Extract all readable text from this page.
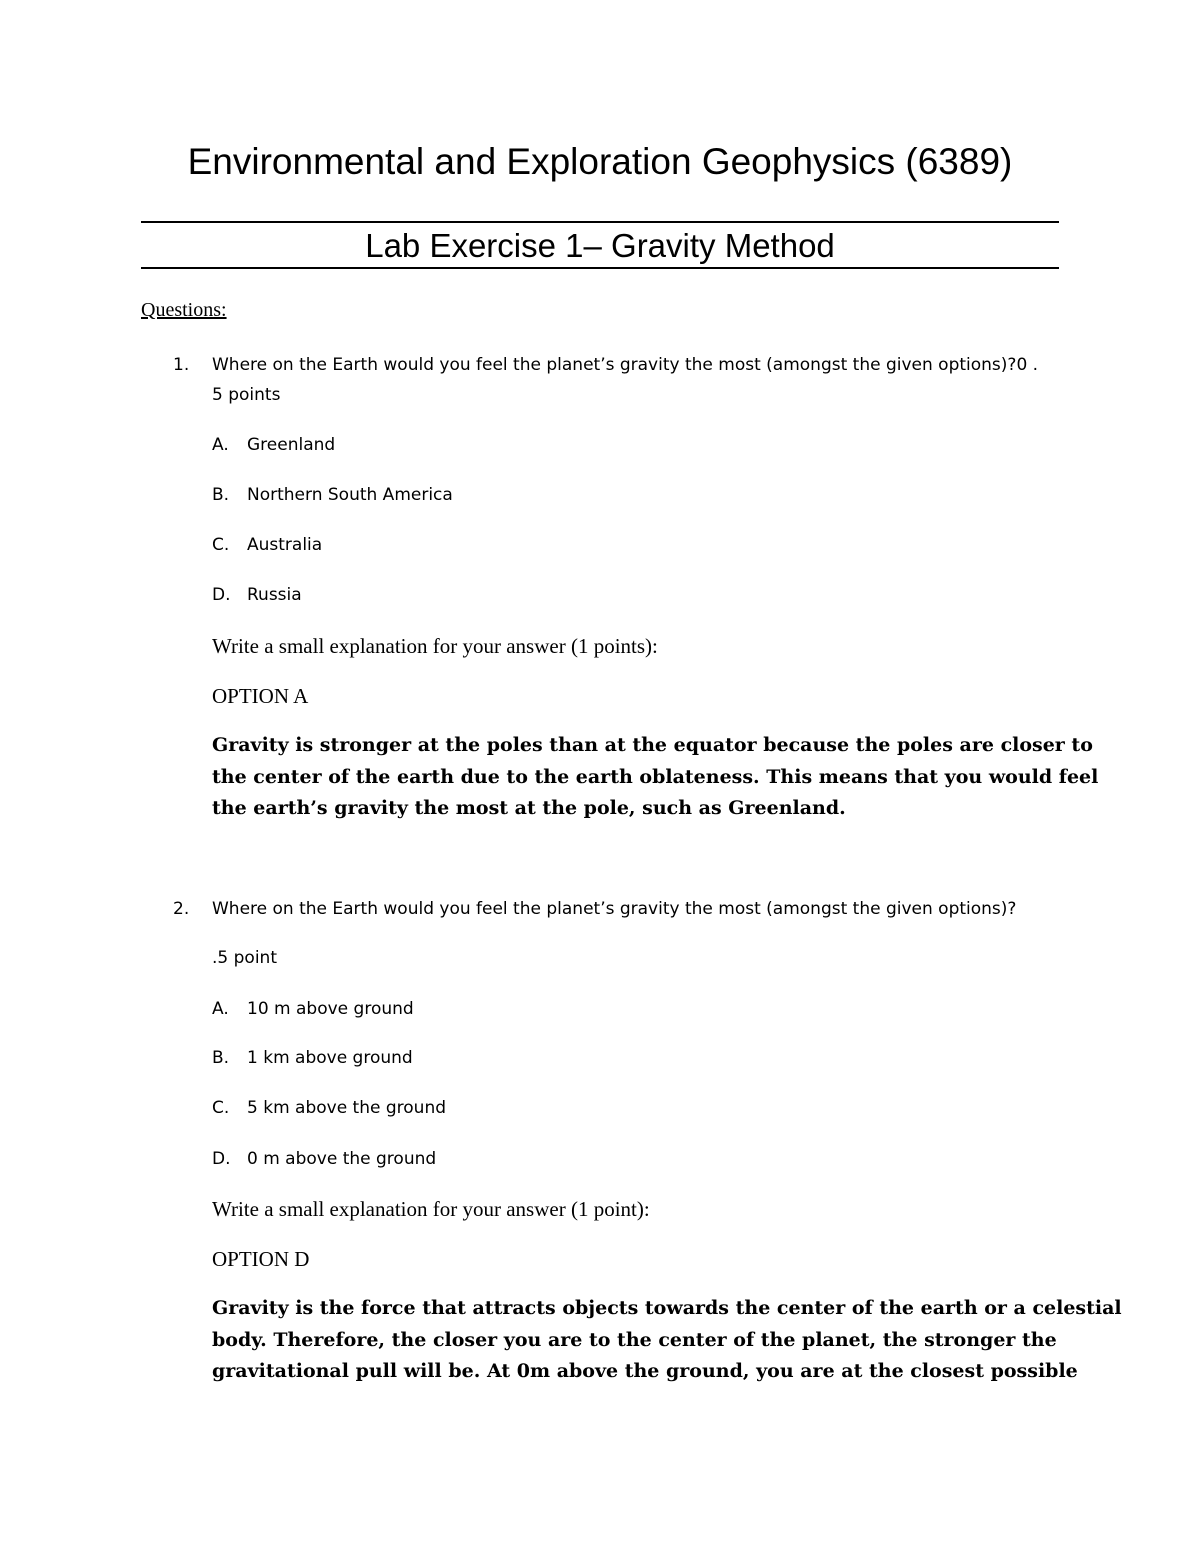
Environmental and Exploration Geophysics (6389)
Lab Exercise 1– Gravity Method
Questions:
1. Where on the Earth would you feel the planet’s gravity the most (amongst the given options)?0 .
5 points
A. Greenland
B. Northern South America
C. Australia
D. Russia
Write a small explanation for your answer (1 points):
OPTION A
Gravity is stronger at the poles than at the equator because the poles are closer to
the center of the earth due to the earth oblateness. This means that you would feel
the earth’s gravity the most at the pole, such as Greenland.
2. Where on the Earth would you feel the planet’s gravity the most (amongst the given options)?
.5 point
A. 10 m above ground
B. 1 km above ground
C. 5 km above the ground
D. 0 m above the ground
Write a small explanation for your answer (1 point):
OPTION D
Gravity is the force that attracts objects towards the center of the earth or a celestial
body. Therefore, the closer you are to the center of the planet, the stronger the
gravitational pull will be. At 0m above the ground, you are at the closest possible
